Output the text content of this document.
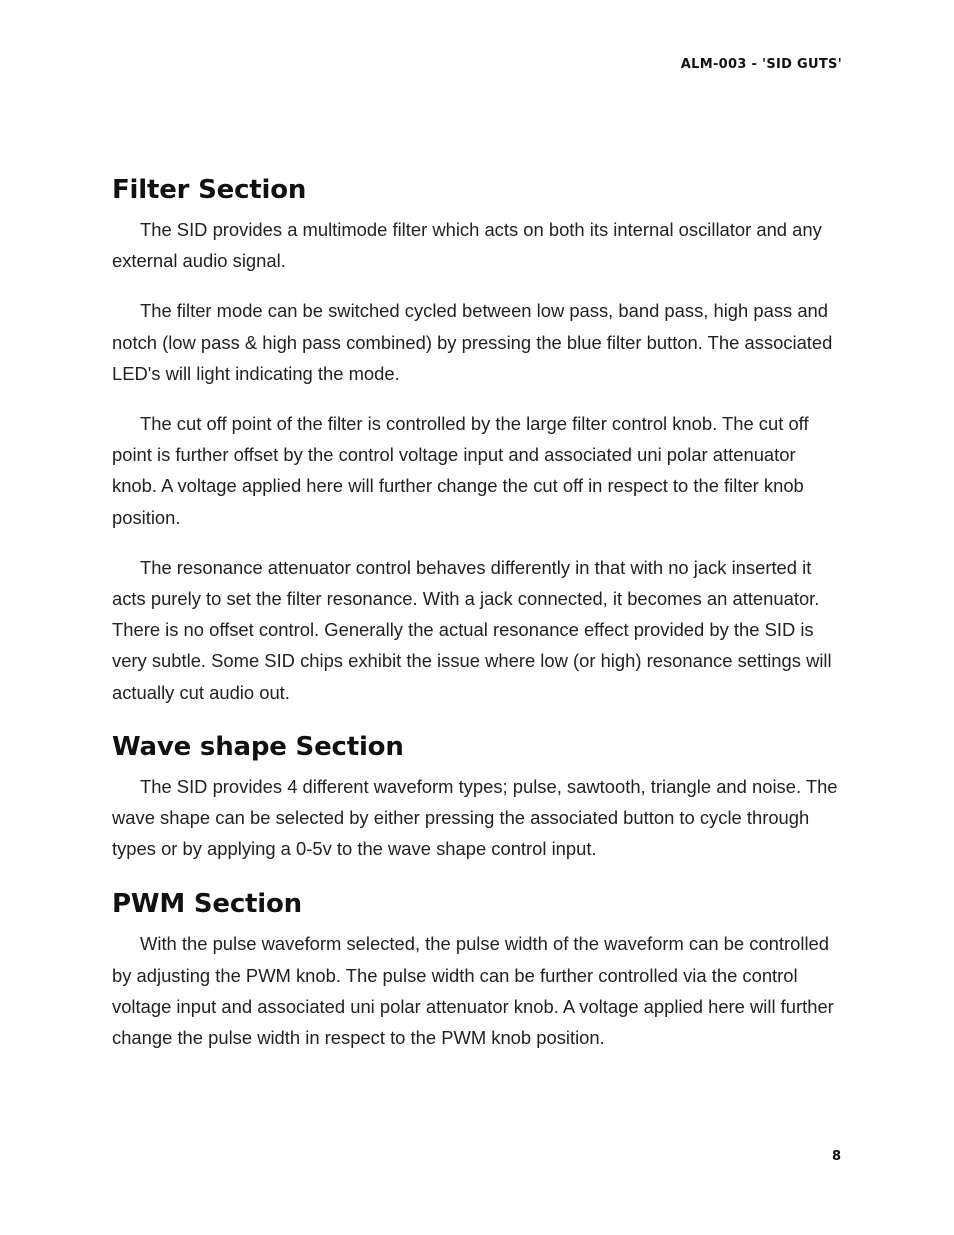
ALM-003 - 'SID GUTS'
Filter Section

The SID provides a multimode filter which acts on both its internal oscillator and any external audio signal.

The filter mode can be switched cycled between low pass, band pass, high pass and notch (low pass & high pass combined) by pressing the blue filter button. The associated LED's will light indicating the mode.

The cut off point of the filter is controlled by the large filter control knob. The cut off point is further offset by the control voltage input and associated uni polar attenuator knob. A voltage applied here will further change the cut off in respect to the filter knob position.

The resonance attenuator control behaves differently in that with no jack inserted it acts purely to set the filter resonance. With a jack connected, it becomes an attenuator. There is no offset control. Generally the actual resonance effect provided by the SID is very subtle. Some SID chips exhibit the issue where low (or high) resonance settings will actually cut audio out.

Wave shape Section

The SID provides 4 different waveform types; pulse, sawtooth, triangle and noise. The wave shape can be selected by either pressing the associated button to cycle through types or by applying a 0-5v to the wave shape control input.

PWM Section

With the pulse waveform selected, the pulse width of the waveform can be controlled by adjusting the PWM knob. The pulse width can be further controlled via the control voltage input and associated uni polar attenuator knob. A voltage applied here will further change the pulse width in respect to the PWM knob position.

8
